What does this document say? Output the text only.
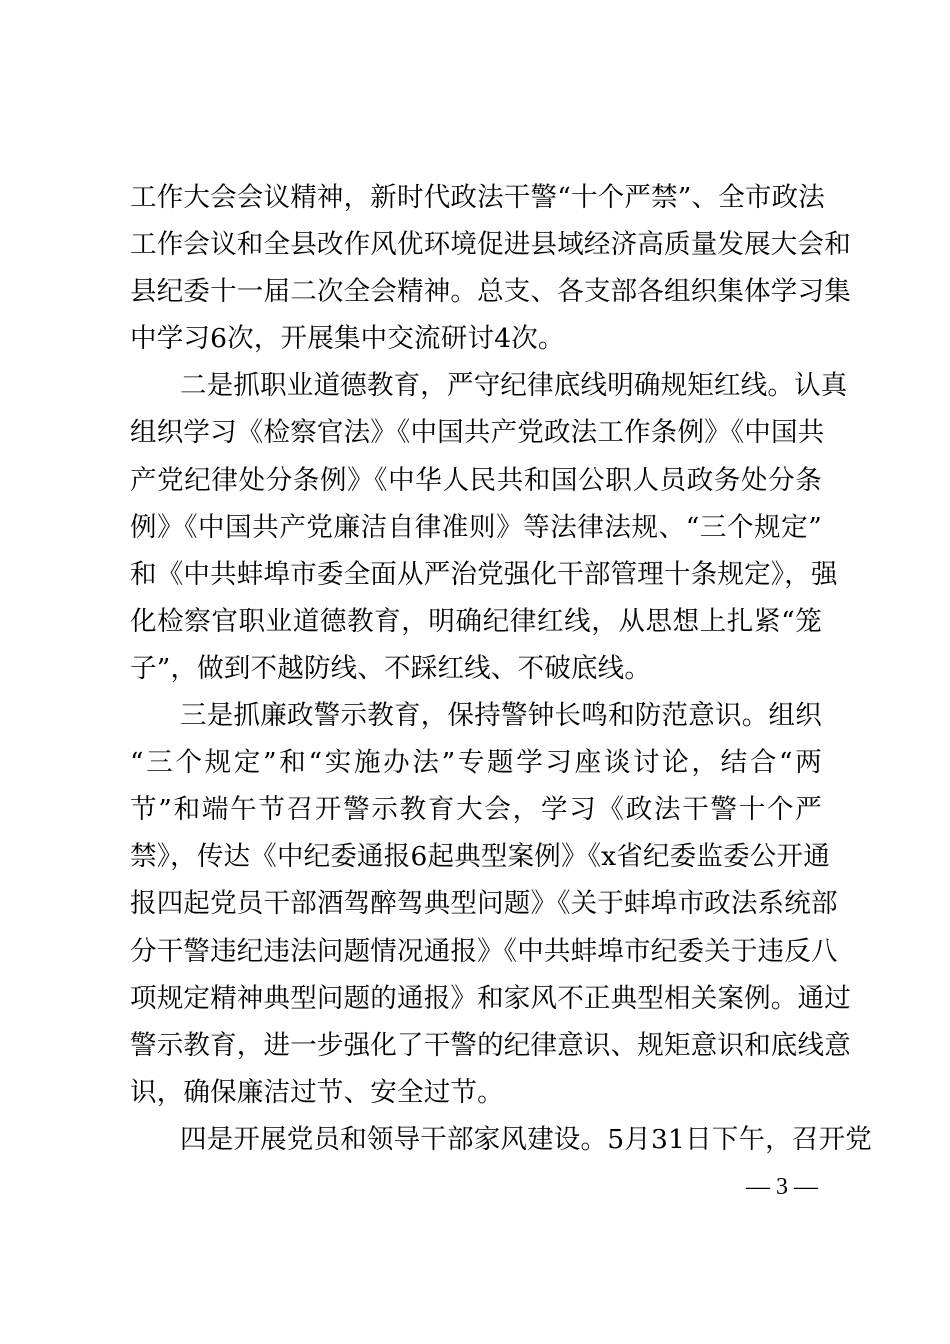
工作大会会议精神，新时代政法干警“十个严禁”、全市政法
工作会议和全县改作风优环境促进县域经济高质量发展大会和
县纪委十一届二次全会精神。总支、各支部各组织集体学习集
中学习6次，开展集中交流研讨4次。
二是抓职业道德教育，严守纪律底线明确规矩红线。认真
组织学习《检察官法》《中国共产党政法工作条例》《中国共
产党纪律处分条例》《中华人民共和国公职人员政务处分条
例》《中国共产党廉洁自律准则》等法律法规、“三个规定”
和《中共蚌埠市委全面从严治党强化干部管理十条规定》，强
化检察官职业道德教育，明确纪律红线，从思想上扎紧“笼
子”，做到不越防线、不踩红线、不破底线。
三是抓廉政警示教育，保持警钟长鸣和防范意识。组织
“三个规定”和“实施办法”专题学习座谈讨论，结合“两
节”和端午节召开警示教育大会，学习《政法干警十个严
禁》，传达《中纪委通报6起典型案例》《x省纪委监委公开通
报四起党员干部酒驾醉驾典型问题》《关于蚌埠市政法系统部
分干警违纪违法问题情况通报》《中共蚌埠市纪委关于违反八
项规定精神典型问题的通报》和家风不正典型相关案例。通过
警示教育，进一步强化了干警的纪律意识、规矩意识和底线意
识，确保廉洁过节、安全过节。
四是开展党员和领导干部家风建设。5月31日下午，召开党
— 3 —
